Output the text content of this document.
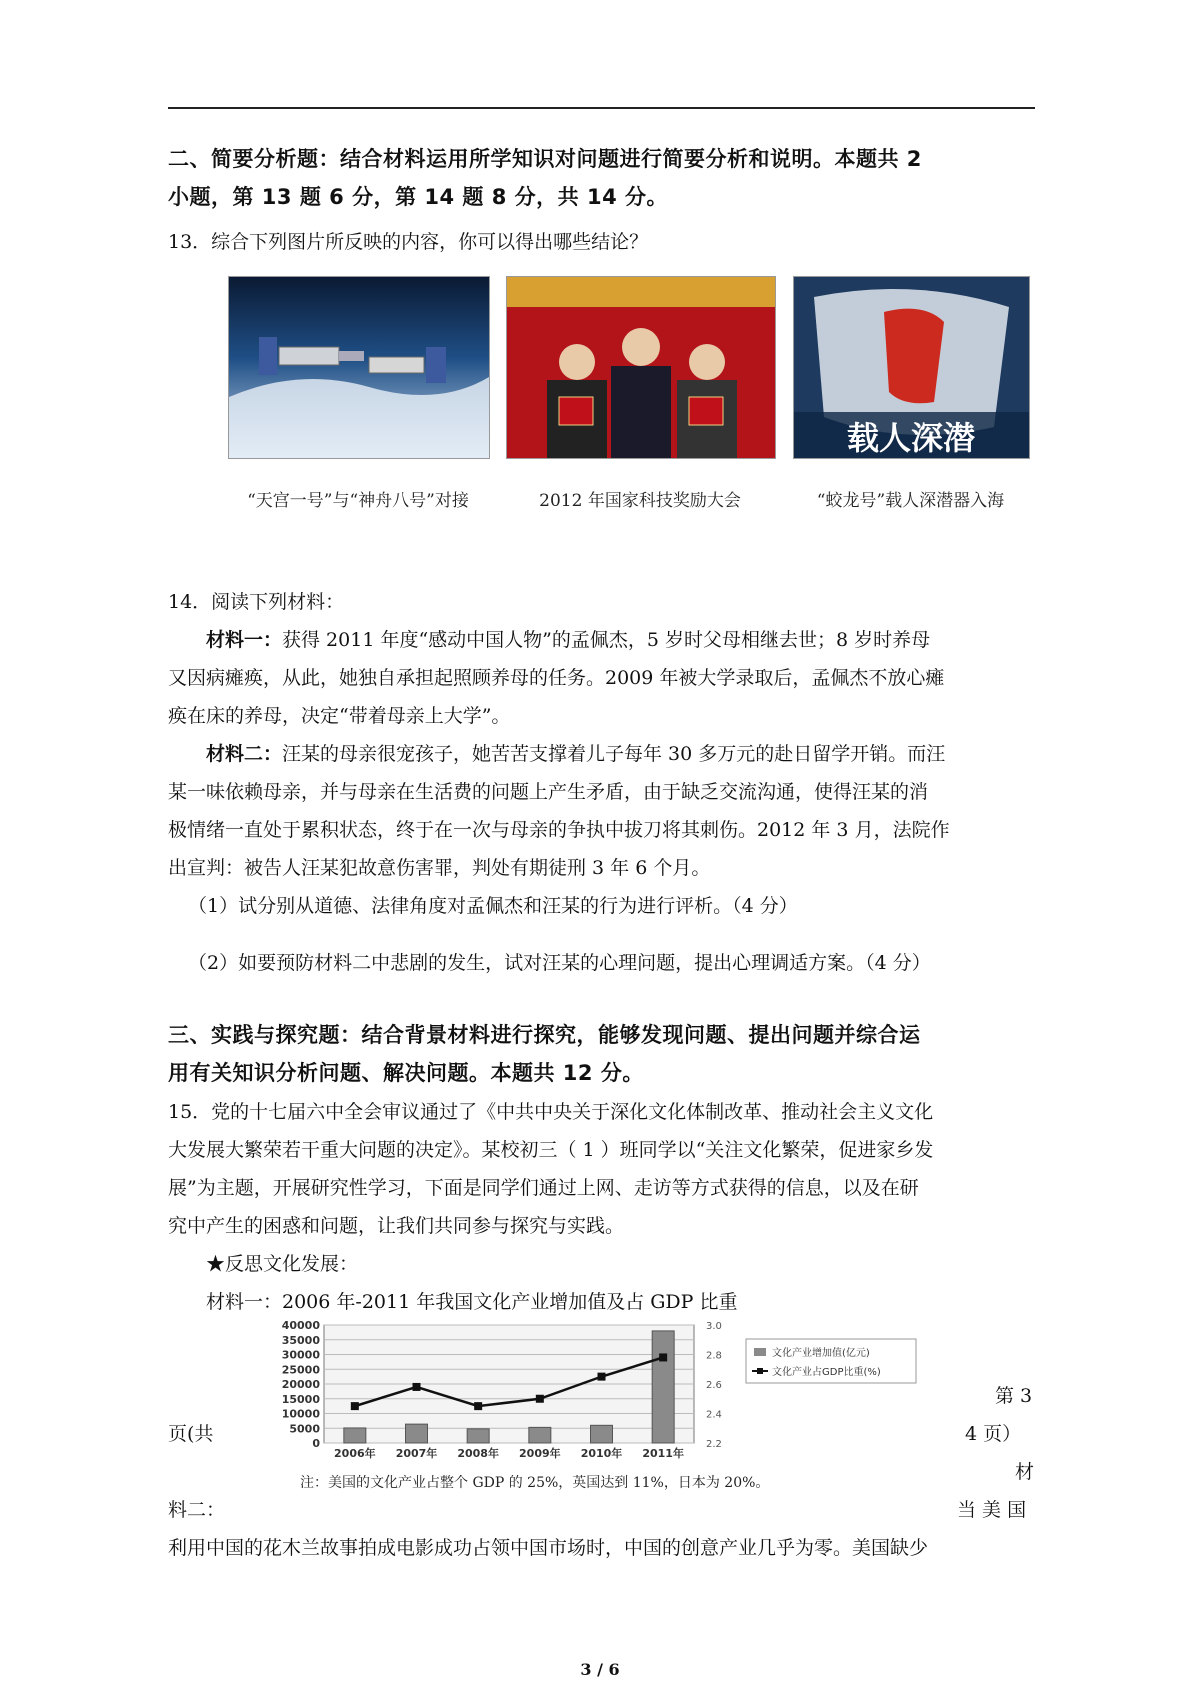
二、简要分析题：结合材料运用所学知识对问题进行简要分析和说明。本题共 2
小题，第 13 题 6 分，第 14 题 8 分，共 14 分。
13．综合下列图片所反映的内容，你可以得出哪些结论？
载人深潜
“天宫一号”与“神舟八号”对接	2012 年国家科技奖励大会	“蛟龙号”载人深潜器入海
14．阅读下列材料：
材料一：获得 2011 年度“感动中国人物”的孟佩杰，5 岁时父母相继去世；8 岁时养母
又因病瘫痪，从此，她独自承担起照顾养母的任务。2009 年被大学录取后，孟佩杰不放心瘫
痪在床的养母，决定“带着母亲上大学”。
材料二：汪某的母亲很宠孩子，她苦苦支撑着儿子每年 30 多万元的赴日留学开销。而汪
某一味依赖母亲，并与母亲在生活费的问题上产生矛盾，由于缺乏交流沟通，使得汪某的消
极情绪一直处于累积状态，终于在一次与母亲的争执中拔刀将其刺伤。2012 年 3 月，法院作
出宣判：被告人汪某犯故意伤害罪，判处有期徒刑 3 年 6 个月。
（1）试分别从道德、法律角度对孟佩杰和汪某的行为进行评析。（4 分）
（2）如要预防材料二中悲剧的发生，试对汪某的心理问题，提出心理调适方案。（4 分）
三、实践与探究题：结合背景材料进行探究，能够发现问题、提出问题并综合运
用有关知识分析问题、解决问题。本题共 12 分。
15．党的十七届六中全会审议通过了《中共中央关于深化文化体制改革、推动社会主义文化
大发展大繁荣若干重大问题的决定》。某校初三（ 1 ）班同学以“关注文化繁荣，促进家乡发
展”为主题，开展研究性学习，下面是同学们通过上网、走访等方式获得的信息，以及在研
究中产生的困惑和问题，让我们共同参与探究与实践。
★反思文化发展：
材料一：2006 年-2011 年我国文化产业增加值及占 GDP 比重
40000
35000
30000
25000
20000
15000
10000
5000
0
2006年 2007年 2008年 2009年 2010年 2011年
3.0
2.8
2.6
2.4
2.2
文化产业增加值(亿元)
文化产业占GDP比重(%)
注：美国的文化产业占整个 GDP 的 25%，英国达到 11%，日本为 20%。
第 3
页(共	4 页）
材
料二：	当 美 国
利用中国的花木兰故事拍成电影成功占领中国市场时，中国的创意产业几乎为零。美国缺少
3 / 6
